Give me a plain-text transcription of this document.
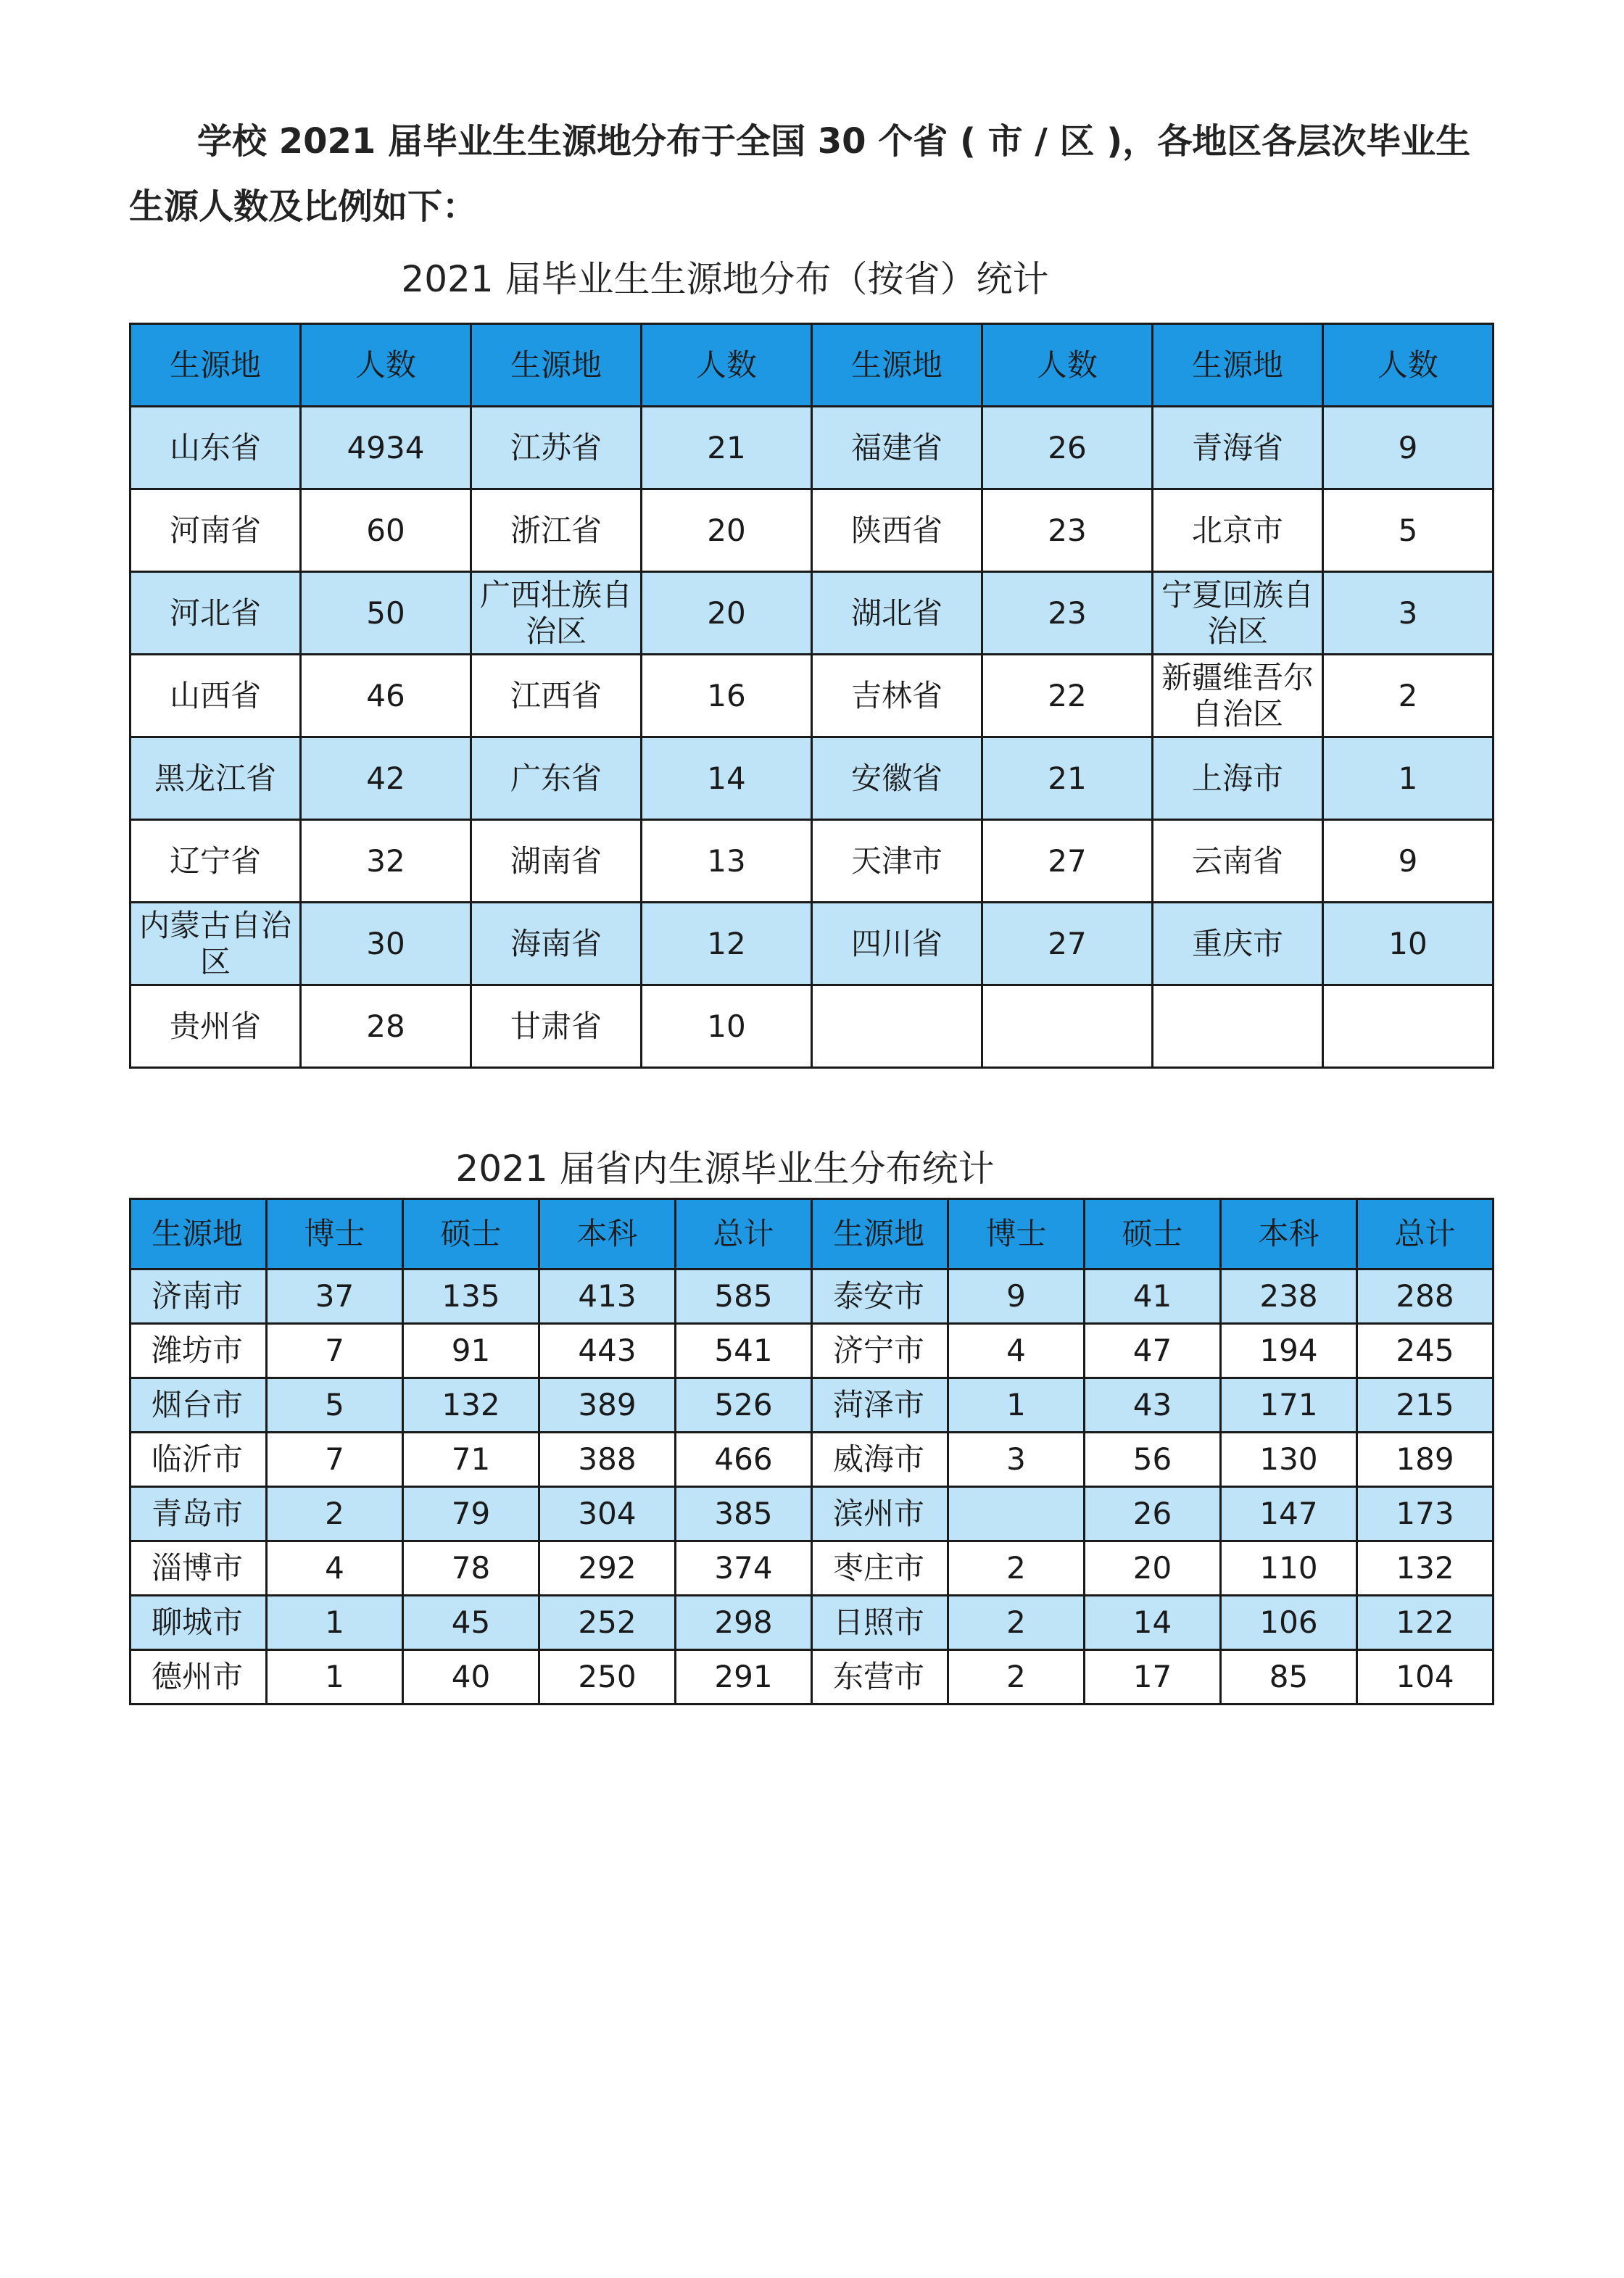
学校 2021 届毕业生生源地分布于全国 30 个省 ( 市 / 区 )，各地区各层次毕业生
生源人数及比例如下：
2021 届毕业生生源地分布（按省）统计
生源地	人数	生源地	人数	生源地	人数	生源地	人数
山东省	4934	江苏省	21	福建省	26	青海省	9
河南省	60	浙江省	20	陕西省	23	北京市	5
河北省	50	广西壮族自治区	20	湖北省	23	宁夏回族自治区	3
山西省	46	江西省	16	吉林省	22	新疆维吾尔自治区	2
黑龙江省	42	广东省	14	安徽省	21	上海市	1
辽宁省	32	湖南省	13	天津市	27	云南省	9
内蒙古自治区	30	海南省	12	四川省	27	重庆市	10
贵州省	28	甘肃省	10				
2021 届省内生源毕业生分布统计
生源地	博士	硕士	本科	总计	生源地	博士	硕士	本科	总计
济南市	37	135	413	585	泰安市	9	41	238	288
潍坊市	7	91	443	541	济宁市	4	47	194	245
烟台市	5	132	389	526	菏泽市	1	43	171	215
临沂市	7	71	388	466	威海市	3	56	130	189
青岛市	2	79	304	385	滨州市		26	147	173
淄博市	4	78	292	374	枣庄市	2	20	110	132
聊城市	1	45	252	298	日照市	2	14	106	122
德州市	1	40	250	291	东营市	2	17	85	104
